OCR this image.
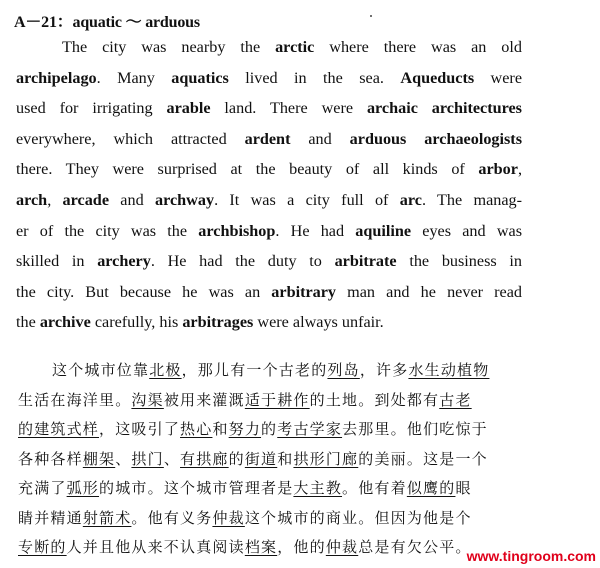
A－21：aquatic ～ arduous
The city was nearby the arctic where there was an old
archipelago. Many aquatics lived in the sea. Aqueducts were
used for irrigating arable land. There were archaic architectures
everywhere, which attracted ardent and arduous archaeologists
there. They were surprised at the beauty of all kinds of arbor,
arch, arcade and archway. It was a city full of arc. The manag-
er of the city was the archbishop. He had aquiline eyes and was
skilled in archery. He had the duty to arbitrate the business in
the city. But because he was an arbitrary man and he never read
the archive carefully, his arbitrages were always unfair.
这个城市位靠北极，那儿有一个古老的列岛，许多水生动植物
生活在海洋里。沟渠被用来灌溉适于耕作的土地。到处都有古老
的建筑式样，这吸引了热心和努力的考古学家去那里。他们吃惊于
各种各样棚架、拱门、有拱廊的街道和拱形门廊的美丽。这是一个
充满了弧形的城市。这个城市管理者是大主教。他有着似鹰的眼
睛并精通射箭术。他有义务仲裁这个城市的商业。但因为他是个
专断的人并且他从来不认真阅读档案，他的仲裁总是有欠公平。
www.tingroom.com
